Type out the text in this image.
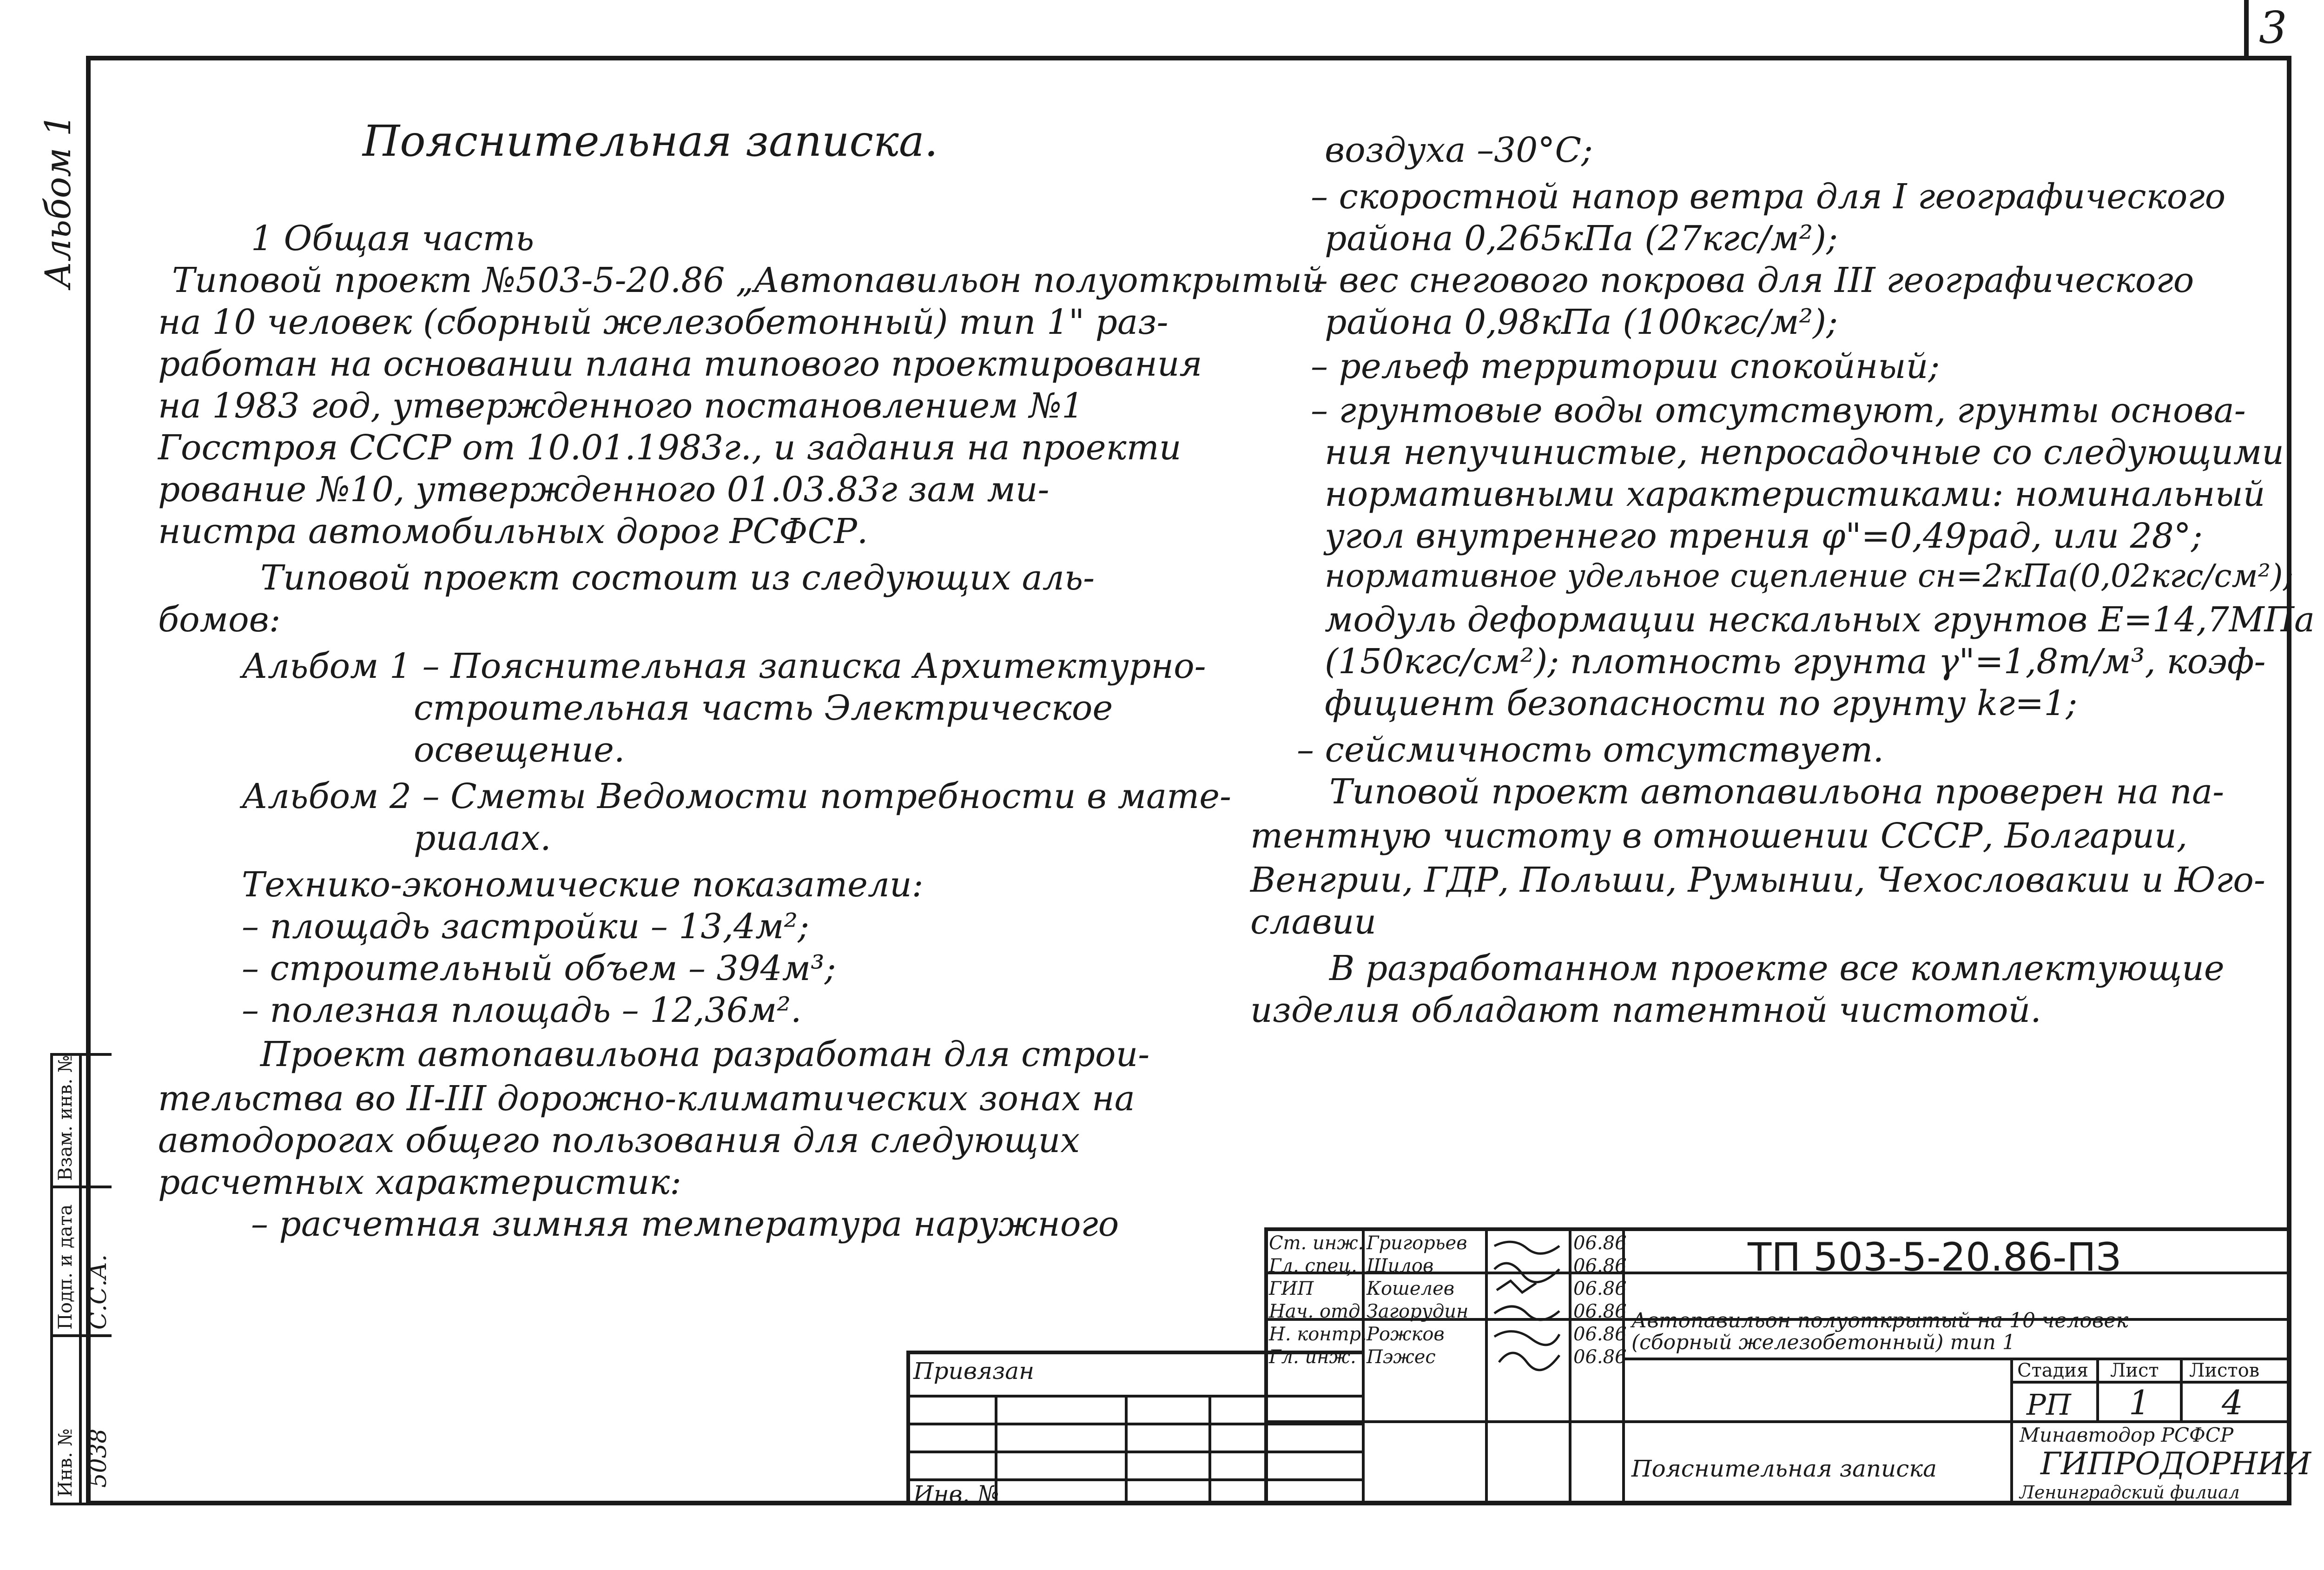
3
Альбом 1	Пояснительная записка.
1 Общая часть
Типовой проект №503-5-20.86 „Автопавильон полуоткрытый
на 10 человек (сборный железобетонный) тип 1" раз-
работан на основании плана типового проектирования
на 1983 год, утвержденного постановлением №1
Госстроя СССР от 10.01.1983г., и задания на проекти
рование №10, утвержденного 01.03.83г зам ми-
нистра автомобильных дорог РСФСР.
Типовой проект состоит из следующих аль-
бомов:
Альбом 1 – Пояснительная записка Архитектурно-
строительная часть Электрическое
освещение.
Альбом 2 – Сметы Ведомости потребности в мате-
риалах.
Технико-экономические показатели:
– площадь застройки – 13,4м²;
– строительный объем – 394м³;
– полезная площадь – 12,36м².
Проект автопавильона разработан для строи-
тельства во II-III дорожно-климатических зонах на
автодорогах общего пользования для следующих
расчетных характеристик:
– расчетная зимняя температура наружного
воздуха –30°С;
– скоростной напор ветра для I географического
района 0,265кПа (27кгс/м²);
– вес снегового покрова для III географического
района 0,98кПа (100кгс/м²);
– рельеф территории спокойный;
– грунтовые воды отсутствуют, грунты основа-
ния непучинистые, непросадочные со следующими
нормативными характеристиками: номинальный
угол внутреннего трения φ"=0,49рад, или 28°;
нормативное удельное сцепление сн=2кПа(0,02кгс/см²);
модуль деформации нескальных грунтов Е=14,7МПа
(150кгс/см²); плотность грунта γ"=1,8т/м³, коэф-
фициент безопасности по грунту kг=1;
– сейсмичность отсутствует.
Типовой проект автопавильона проверен на па-
тентную чистоту в отношении СССР, Болгарии,
Венгрии, ГДР, Польши, Румынии, Чехословакии и Юго-
славии
В разработанном проекте все комплектующие
изделия обладают патентной чистотой.
Взам. инв. №
Подп. и дата
Инв. №
С.С.А.
5038
Привязан
Инв. №
Ст. инж.
Гл. спец.
ГИП
Нач. отд.
Н. контр.
Гл. инж.
Григорьев
Шилов
Кошелев
Загорудин
Рожков
Пэжес
06.86
06.86
06.86
06.86
06.86
06.86
ТП 503-5-20.86-ПЗ
Автопавильон полуоткрытый на 10 человек
(сборный железобетонный) тип 1
Пояснительная записка
Стадия Лист Листов
РП 1 4
Минавтодор РСФСР
ГИПРОДОРНИИ
Ленинградский филиал
